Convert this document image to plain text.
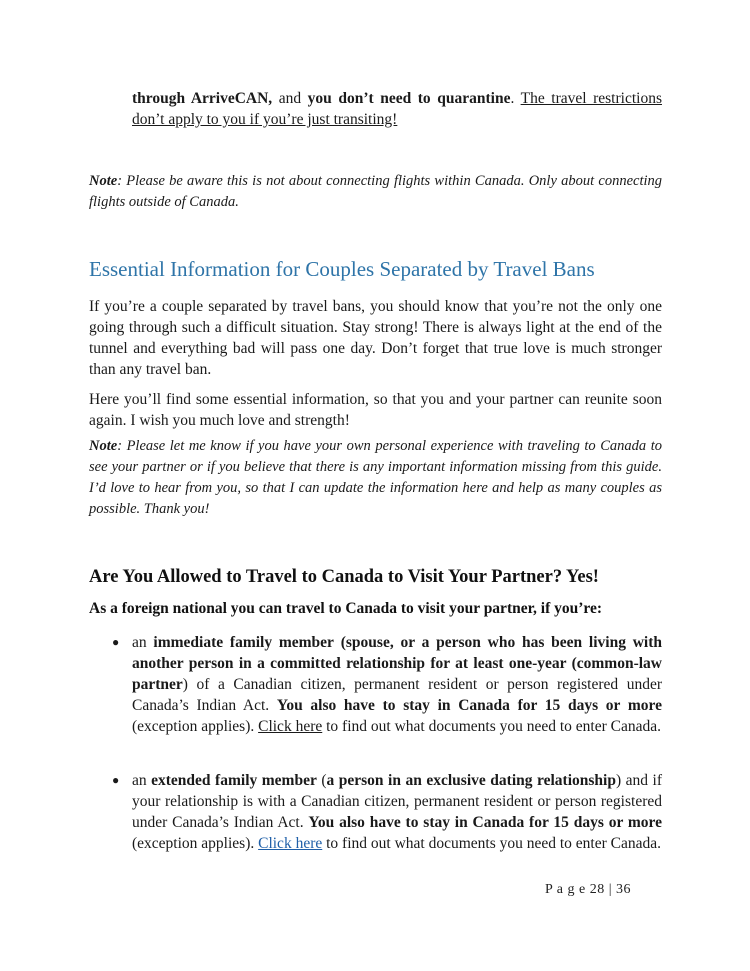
through ArriveCAN, and you don’t need to quarantine. The travel restrictions don’t apply to you if you’re just transiting!
Note: Please be aware this is not about connecting flights within Canada. Only about connecting flights outside of Canada.
Essential Information for Couples Separated by Travel Bans
If you’re a couple separated by travel bans, you should know that you’re not the only one going through such a difficult situation. Stay strong! There is always light at the end of the tunnel and everything bad will pass one day. Don’t forget that true love is much stronger than any travel ban.
Here you’ll find some essential information, so that you and your partner can reunite soon again. I wish you much love and strength!
Note: Please let me know if you have your own personal experience with traveling to Canada to see your partner or if you believe that there is any important information missing from this guide. I’d love to hear from you, so that I can update the information here and help as many couples as possible. Thank you!
Are You Allowed to Travel to Canada to Visit Your Partner? Yes!
As a foreign national you can travel to Canada to visit your partner, if you’re:
● an immediate family member (spouse, or a person who has been living with another person in a committed relationship for at least one-year (common-law partner) of a Canadian citizen, permanent resident or person registered under Canada’s Indian Act. You also have to stay in Canada for 15 days or more (exception applies). Click here to find out what documents you need to enter Canada.
● an extended family member (a person in an exclusive dating relationship) and if your relationship is with a Canadian citizen, permanent resident or person registered under Canada’s Indian Act. You also have to stay in Canada for 15 days or more (exception applies). Click here to find out what documents you need to enter Canada.
P a g e 28 | 36
